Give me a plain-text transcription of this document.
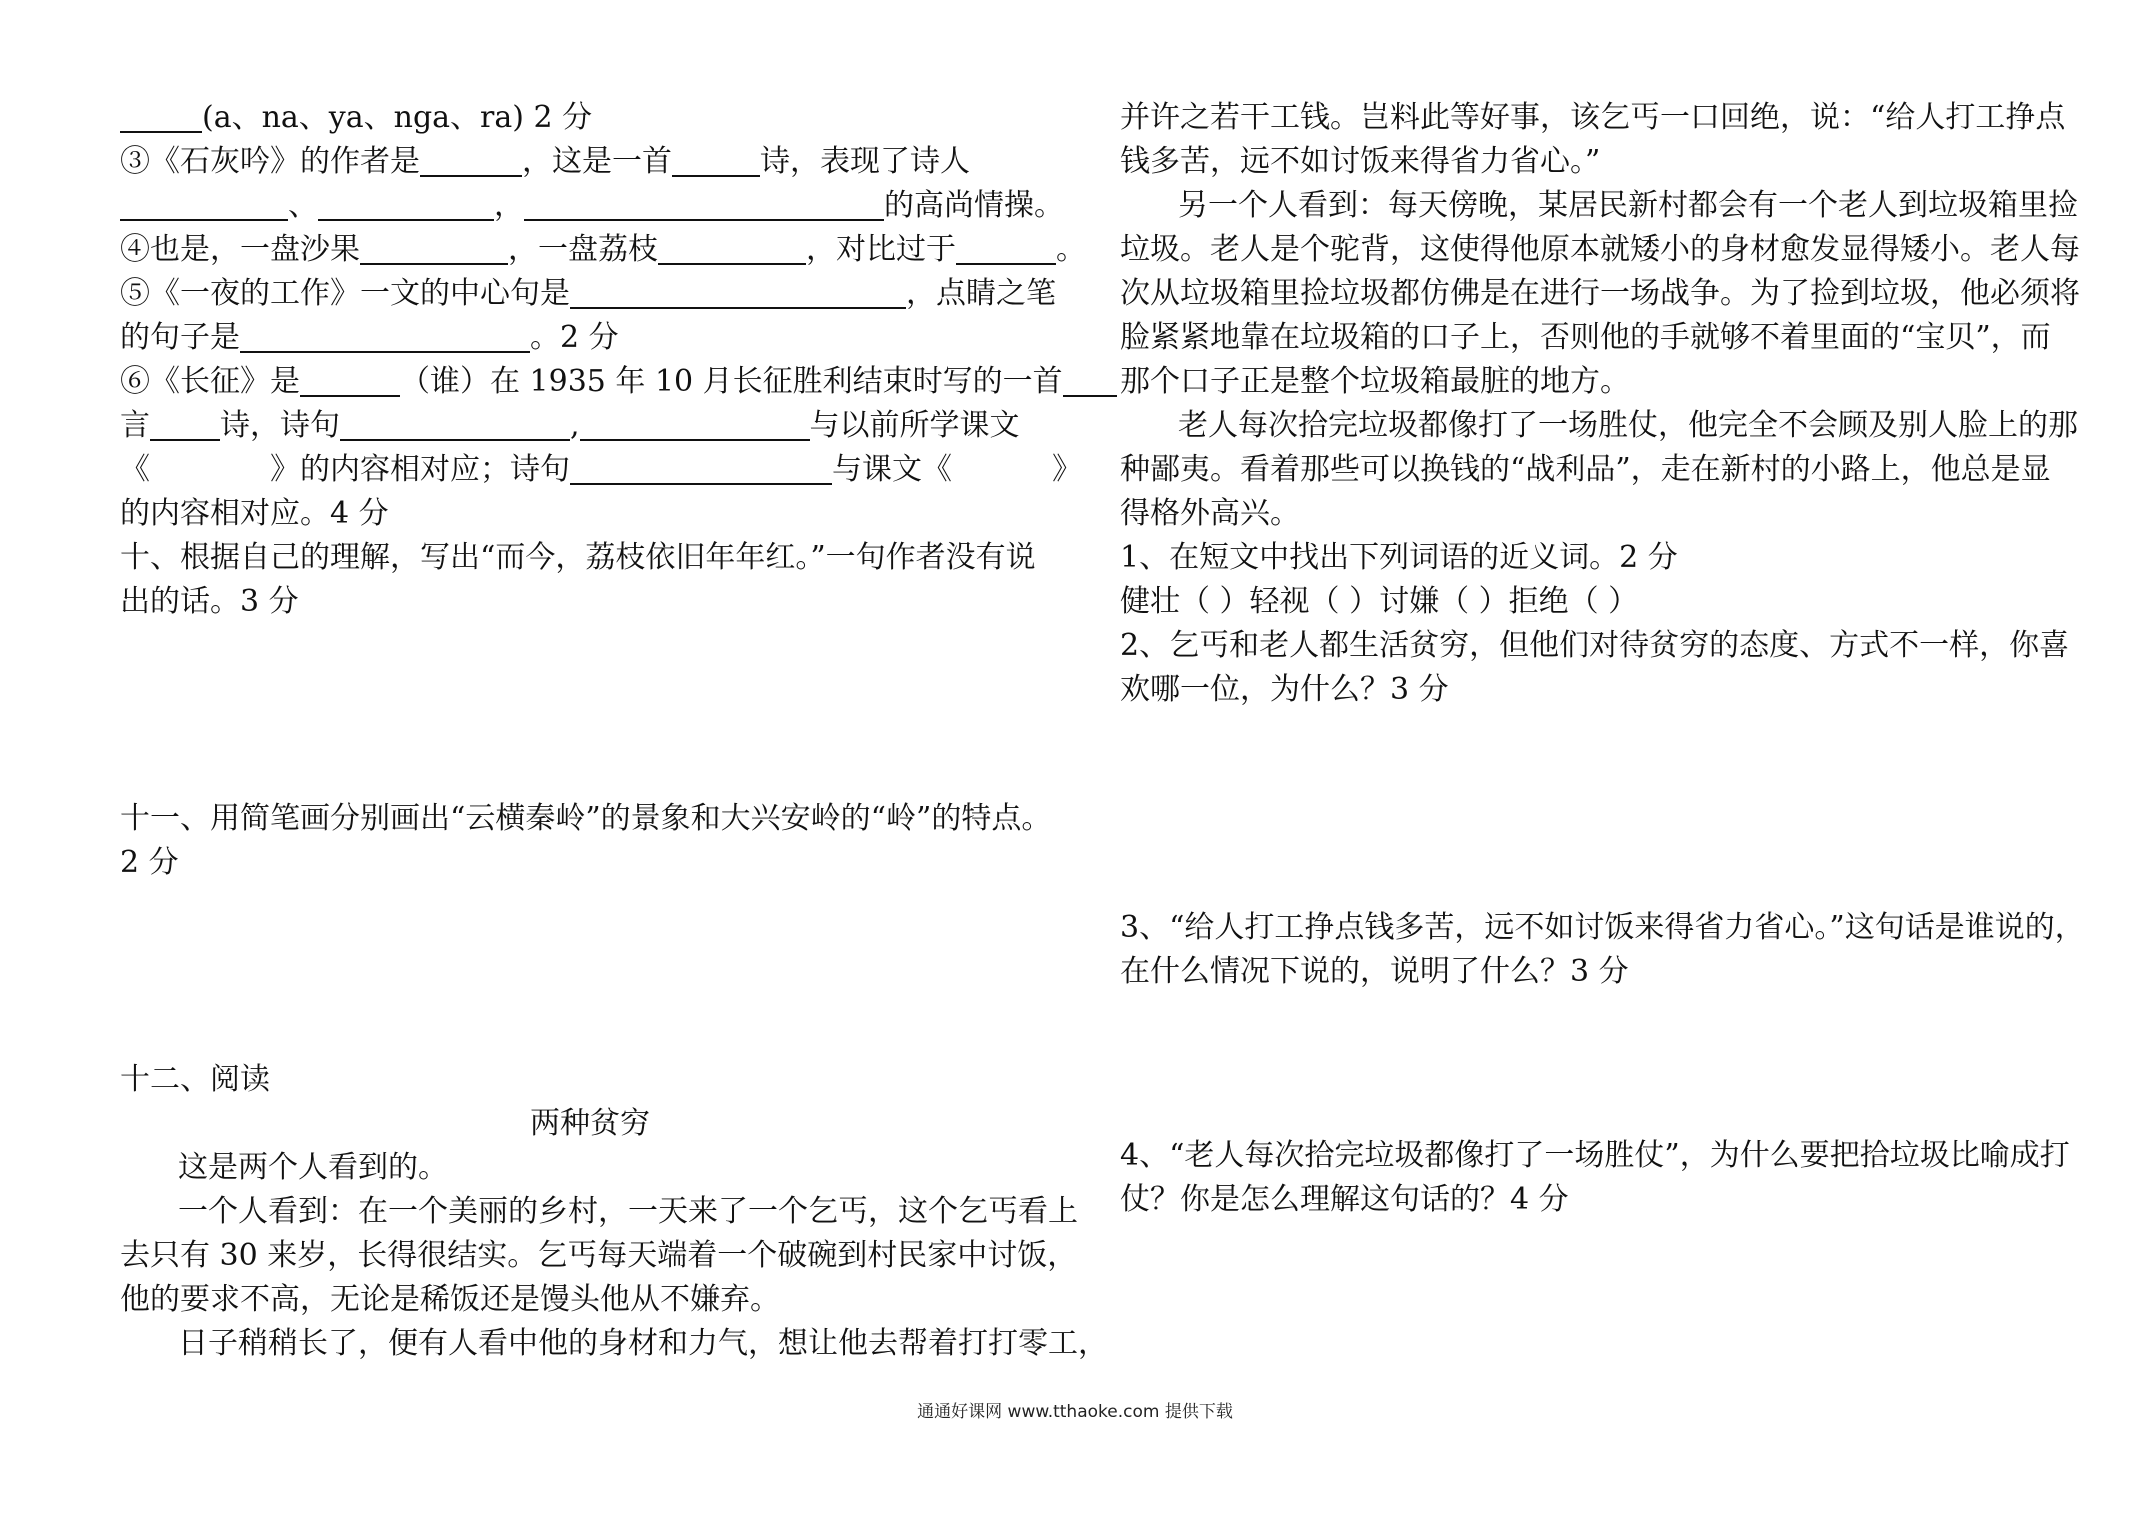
(a、na、ya、nga、ra) 2 分
③《石灰吟》的作者是	，这是一首	诗，表现了诗人
、	，	的高尚情操。
④也是，一盘沙果	，一盘荔枝	，对比过于	。
⑤《一夜的工作》一文的中心句是	，点睛之笔
的句子是	。2 分
⑥《长征》是	（谁）在 1935 年 10 月长征胜利结束时写的一首
言 诗，诗句	,	与以前所学课文
《	》的内容相对应；诗句	与课文《	》
的内容相对应。4 分
十、根据自己的理解，写出“而今，荔枝依旧年年红。”一句作者没有说
出的话。3 分
十一、用简笔画分别画出“云横秦岭”的景象和大兴安岭的“岭”的特点。
2 分
十二、阅读
两种贫穷
这是两个人看到的。
一个人看到：在一个美丽的乡村，一天来了一个乞丐，这个乞丐看上
去只有 30 来岁，长得很结实。乞丐每天端着一个破碗到村民家中讨饭，
他的要求不高，无论是稀饭还是馒头他从不嫌弃。
日子稍稍长了，便有人看中他的身材和力气，想让他去帮着打打零工，
并许之若干工钱。岂料此等好事，该乞丐一口回绝，说：“给人打工挣点
钱多苦，远不如讨饭来得省力省心。”
另一个人看到：每天傍晚，某居民新村都会有一个老人到垃圾箱里捡
垃圾。老人是个驼背，这使得他原本就矮小的身材愈发显得矮小。老人每
次从垃圾箱里捡垃圾都仿佛是在进行一场战争。为了捡到垃圾，他必须将
脸紧紧地靠在垃圾箱的口子上，否则他的手就够不着里面的“宝贝”，而
那个口子正是整个垃圾箱最脏的地方。
老人每次拾完垃圾都像打了一场胜仗，他完全不会顾及别人脸上的那
种鄙夷。看着那些可以换钱的“战利品”，走在新村的小路上，他总是显
得格外高兴。
1、在短文中找出下列词语的近义词。2 分
健壮（ ）轻视（ ）讨嫌（ ）拒绝（ ）
2、乞丐和老人都生活贫穷，但他们对待贫穷的态度、方式不一样，你喜
欢哪一位，为什么？3 分
3、“给人打工挣点钱多苦，远不如讨饭来得省力省心。”这句话是谁说的，
在什么情况下说的，说明了什么？3 分
4、“老人每次拾完垃圾都像打了一场胜仗”，为什么要把拾垃圾比喻成打
仗？你是怎么理解这句话的？4 分
通通好课网 www.tthaoke.com 提供下载
